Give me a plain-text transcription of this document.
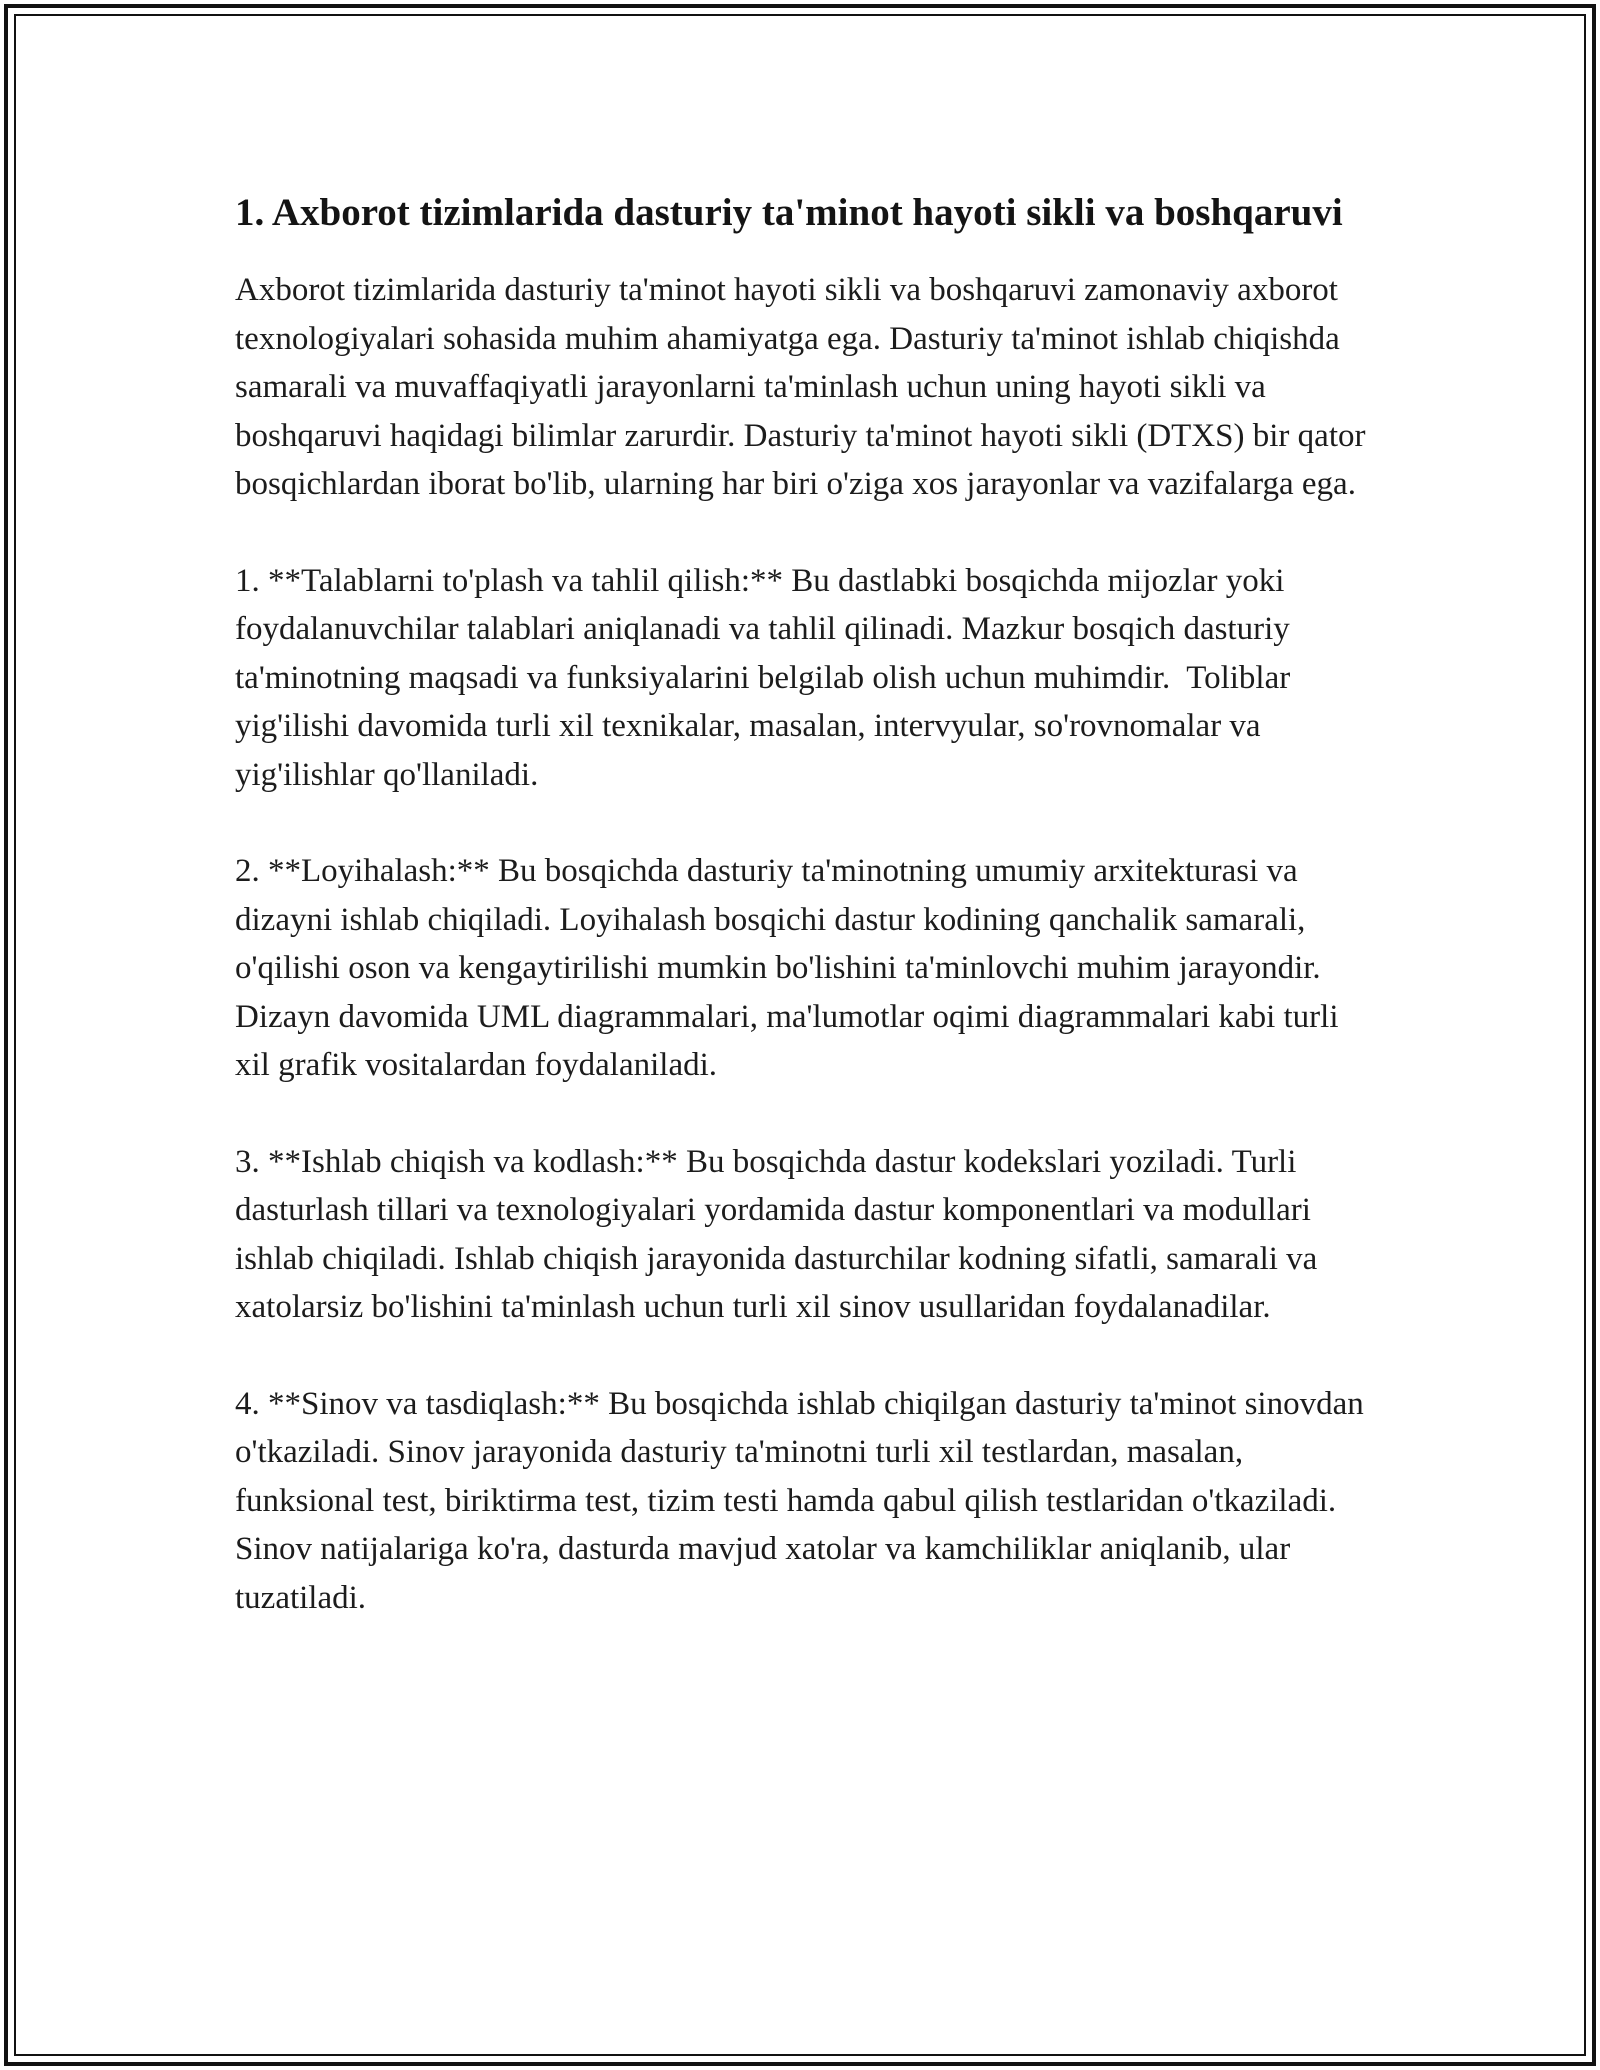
1. Axborot tizimlarida dasturiy ta'minot hayoti sikli va boshqaruvi

Axborot tizimlarida dasturiy ta'minot hayoti sikli va boshqaruvi zamonaviy axborot texnologiyalari sohasida muhim ahamiyatga ega. Dasturiy ta'minot ishlab chiqishda samarali va muvaffaqiyatli jarayonlarni ta'minlash uchun uning hayoti sikli va boshqaruvi haqidagi bilimlar zarurdir. Dasturiy ta'minot hayoti sikli (DTXS) bir qator bosqichlardan iborat bo'lib, ularning har biri o'ziga xos jarayonlar va vazifalarga ega.

1. **Talablarni to'plash va tahlil qilish:** Bu dastlabki bosqichda mijozlar yoki foydalanuvchilar talablari aniqlanadi va tahlil qilinadi. Mazkur bosqich dasturiy ta'minotning maqsadi va funksiyalarini belgilab olish uchun muhimdir.  Toliblar yig'ilishi davomida turli xil texnikalar, masalan, intervyular, so'rovnomalar va yig'ilishlar qo'llaniladi.

2. **Loyihalash:** Bu bosqichda dasturiy ta'minotning umumiy arxitekturasi va dizayni ishlab chiqiladi. Loyihalash bosqichi dastur kodining qanchalik samarali, o'qilishi oson va kengaytirilishi mumkin bo'lishini ta'minlovchi muhim jarayondir. Dizayn davomida UML diagrammalari, ma'lumotlar oqimi diagrammalari kabi turli xil grafik vositalardan foydalaniladi.

3. **Ishlab chiqish va kodlash:** Bu bosqichda dastur kodekslari yoziladi. Turli dasturlash tillari va texnologiyalari yordamida dastur komponentlari va modullari ishlab chiqiladi. Ishlab chiqish jarayonida dasturchilar kodning sifatli, samarali va xatolarsiz bo'lishini ta'minlash uchun turli xil sinov usullaridan foydalanadilar.

4. **Sinov va tasdiqlash:** Bu bosqichda ishlab chiqilgan dasturiy ta'minot sinovdan o'tkaziladi. Sinov jarayonida dasturiy ta'minotni turli xil testlardan, masalan, funksional test, biriktirma test, tizim testi hamda qabul qilish testlaridan o'tkaziladi. Sinov natijalariga ko'ra, dasturda mavjud xatolar va kamchiliklar aniqlanib, ular tuzatiladi.
